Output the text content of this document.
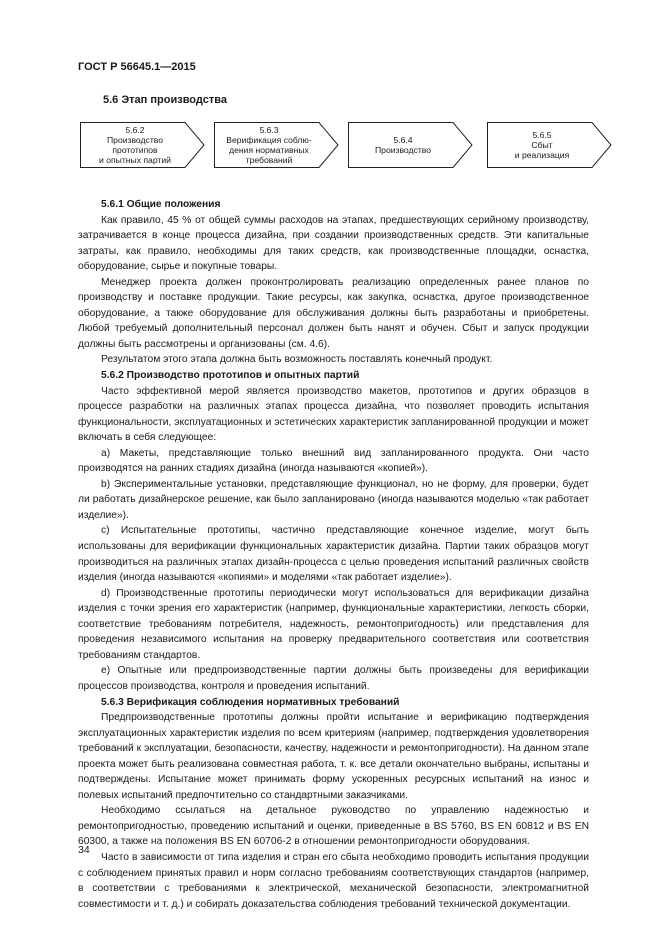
ГОСТ Р 56645.1—2015
5.6 Этап производства
5.6.2
Производство
прототипов
и опытных партий
5.6.3
Верификация соблю-
дения нормативных
требований
5.6.4
Производство
5.6.5
Сбыт
и реализация
5.6.1 Общие положения

Как правило, 45 % от общей суммы расходов на этапах, предшествующих серийному производству, затрачивается в конце процесса дизайна, при создании производственных средств. Эти капитальные затраты, как правило, необходимы для таких средств, как производственные площадки, оснастка, оборудование, сырье и покупные товары.

Менеджер проекта должен проконтролировать реализацию определенных ранее планов по производству и поставке продукции. Такие ресурсы, как закупка, оснастка, другое производственное оборудование, а также оборудование для обслуживания должны быть разработаны и приобретены. Любой требуемый дополнительный персонал должен быть нанят и обучен. Сбыт и запуск продукции должны быть рассмотрены и организованы (см. 4.6).

Результатом этого этапа должна быть возможность поставлять конечный продукт.

5.6.2 Производство прототипов и опытных партий

Часто эффективной мерой является производство макетов, прототипов и других образцов в процессе разработки на различных этапах процесса дизайна, что позволяет проводить испытания функциональности, эксплуатационных и эстетических характеристик запланированной продукции и может включать в себя следующее:

а) Макеты, представляющие только внешний вид запланированного продукта. Они часто производятся на ранних стадиях дизайна (иногда называются «копией»).

b) Экспериментальные установки, представляющие функционал, но не форму, для проверки, будет ли работать дизайнерское решение, как было запланировано (иногда называются моделью «так работает изделие»).

с) Испытательные прототипы, частично представляющие конечное изделие, могут быть использованы для верификации функциональных характеристик дизайна. Партии таких образцов могут производиться на различных этапах дизайн-процесса с целью проведения испытаний различных свойств изделия (иногда называются «копиями» и моделями «так работает изделие»).

d) Производственные прототипы периодически могут использоваться для верификации дизайна изделия с точки зрения его характеристик (например, функциональные характеристики, легкость сборки, соответствие требованиям потребителя, надежность, ремонтопригодность) или представления для проведения независимого испытания на проверку предварительного соответствия или соответствия требованиям стандартов.

е) Опытные или предпроизводственные партии должны быть произведены для верификации процессов производства, контроля и проведения испытаний.

5.6.3 Верификация соблюдения нормативных требований

Предпроизводственные прототипы должны пройти испытание и верификацию подтверждения эксплуатационных характеристик изделия по всем критериям (например, подтверждения удовлетворения требований к эксплуатации, безопасности, качеству, надежности и ремонтопригодности). На данном этапе проекта может быть реализована совместная работа, т. к. все детали окончательно выбраны, испытаны и подтверждены. Испытание может принимать форму ускоренных ресурсных испытаний на износ и полевых испытаний предпочтительно со стандартными заказчиками.

Необходимо ссылаться на детальное руководство по управлению надежностью и ремонтопригодностью, проведению испытаний и оценки, приведенные в BS 5760, BS EN 60812 и BS EN 60300, а также на положения BS EN 60706-2 в отношении ремонтопригодности оборудования.

Часто в зависимости от типа изделия и стран его сбыта необходимо проводить испытания продукции с соблюдением принятых правил и норм согласно требованиям соответствующих стандартов (например, в соответствии с требованиями к электрической, механической безопасности, электромагнитной совместимости и т. д.) и собирать доказательства соблюдения требований технической документации.

34
